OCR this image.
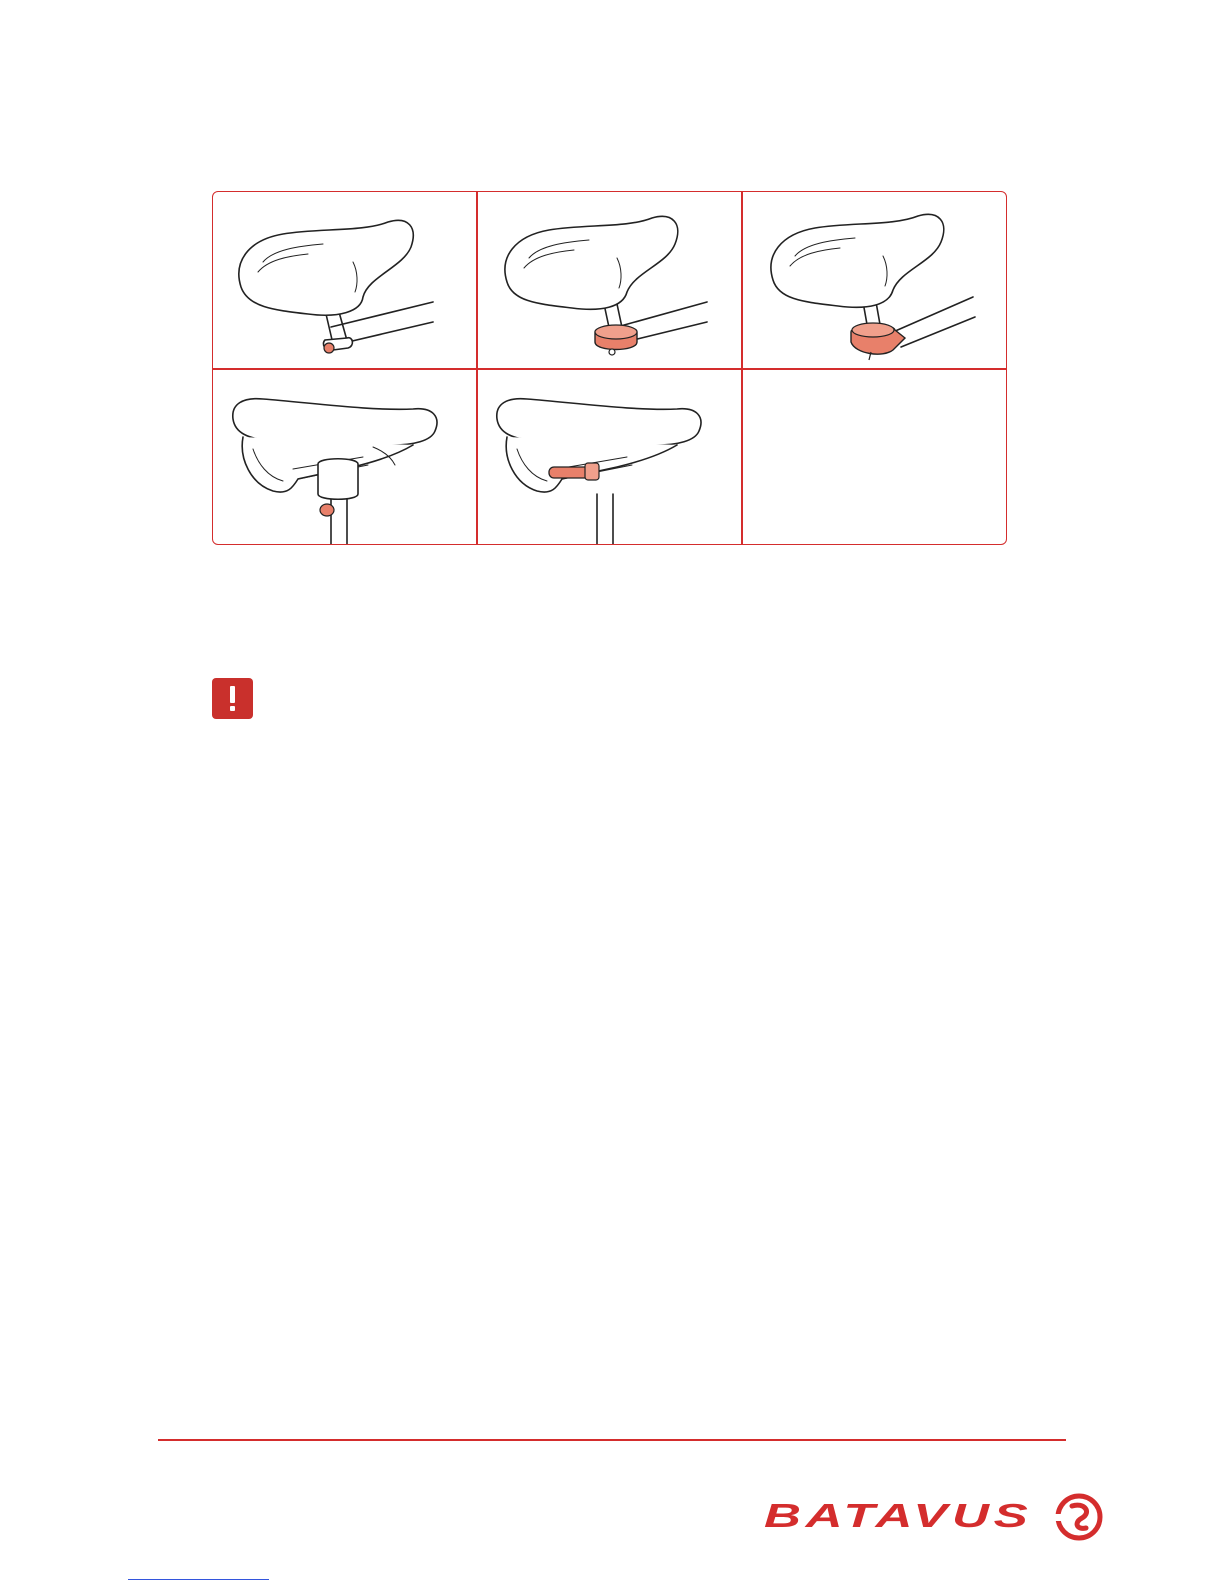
BATAVUS
